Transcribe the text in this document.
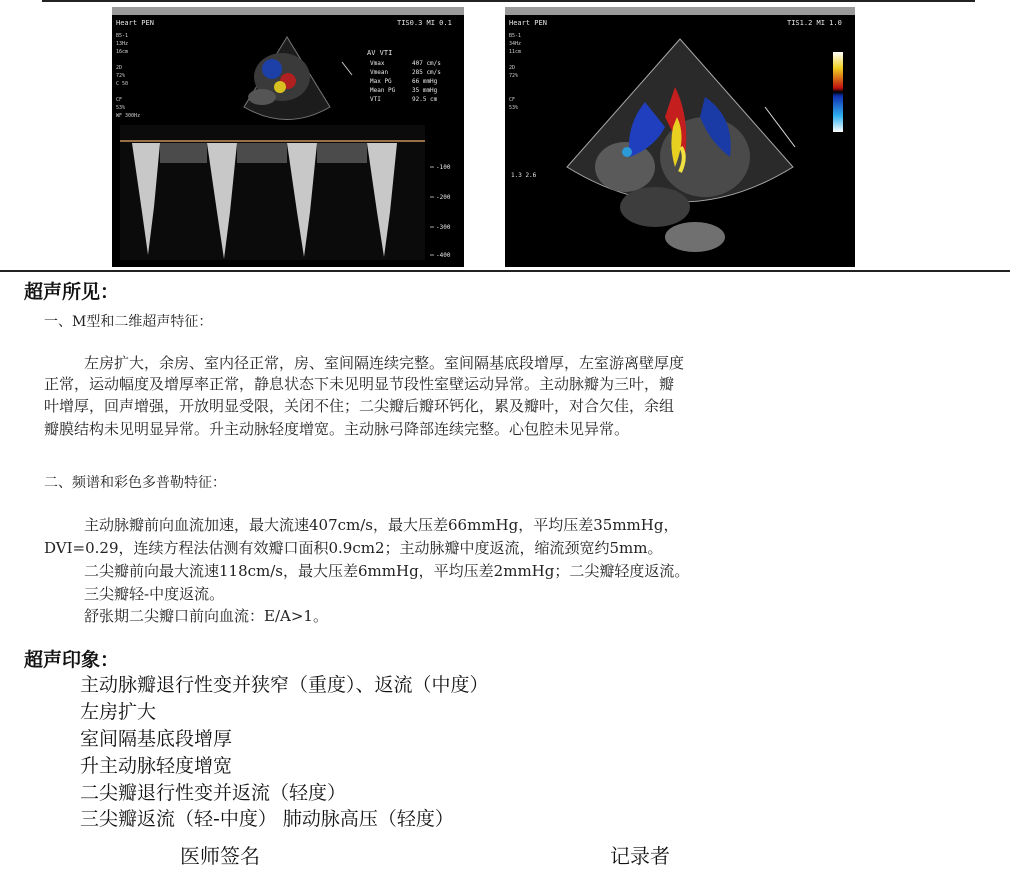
Heart PEN	TIS0.3 MI 0.1
B5-1
13Hz
16cm
2D
72%
C 50
CF
53%
WF 300Hz
AV VTI
Vmax	407 cm/s
Vmean	285 cm/s
Max PG	66 mmHg
Mean PG	35 mmHg
VTI	92.5 cm
-100
-200
-300
-400
Heart PEN	TIS1.2 MI 1.0
B5-1
34Hz
11cm
2D
72%
CF
53%
1.3 2.6
超声所见：
一、M型和二维超声特征：
左房扩大，余房、室内径正常，房、室间隔连续完整。室间隔基底段增厚，左室游离壁厚度
正常，运动幅度及增厚率正常，静息状态下未见明显节段性室壁运动异常。主动脉瓣为三叶，瓣
叶增厚，回声增强，开放明显受限，关闭不住；二尖瓣后瓣环钙化，累及瓣叶，对合欠佳，余组
瓣膜结构未见明显异常。升主动脉轻度增宽。主动脉弓降部连续完整。心包腔未见异常。
二、频谱和彩色多普勒特征：
主动脉瓣前向血流加速，最大流速407cm/s，最大压差66mmHg，平均压差35mmHg，
DVI=0.29，连续方程法估测有效瓣口面积0.9cm2；主动脉瓣中度返流，缩流颈宽约5mm。
二尖瓣前向最大流速118cm/s，最大压差6mmHg，平均压差2mmHg；二尖瓣轻度返流。
三尖瓣轻-中度返流。
舒张期二尖瓣口前向血流：E/A>1。
超声印象：
主动脉瓣退行性变并狭窄（重度）、返流（中度）
左房扩大
室间隔基底段增厚
升主动脉轻度增宽
二尖瓣退行性变并返流（轻度）
三尖瓣返流（轻-中度） 肺动脉高压（轻度）
医师签名	记录者
